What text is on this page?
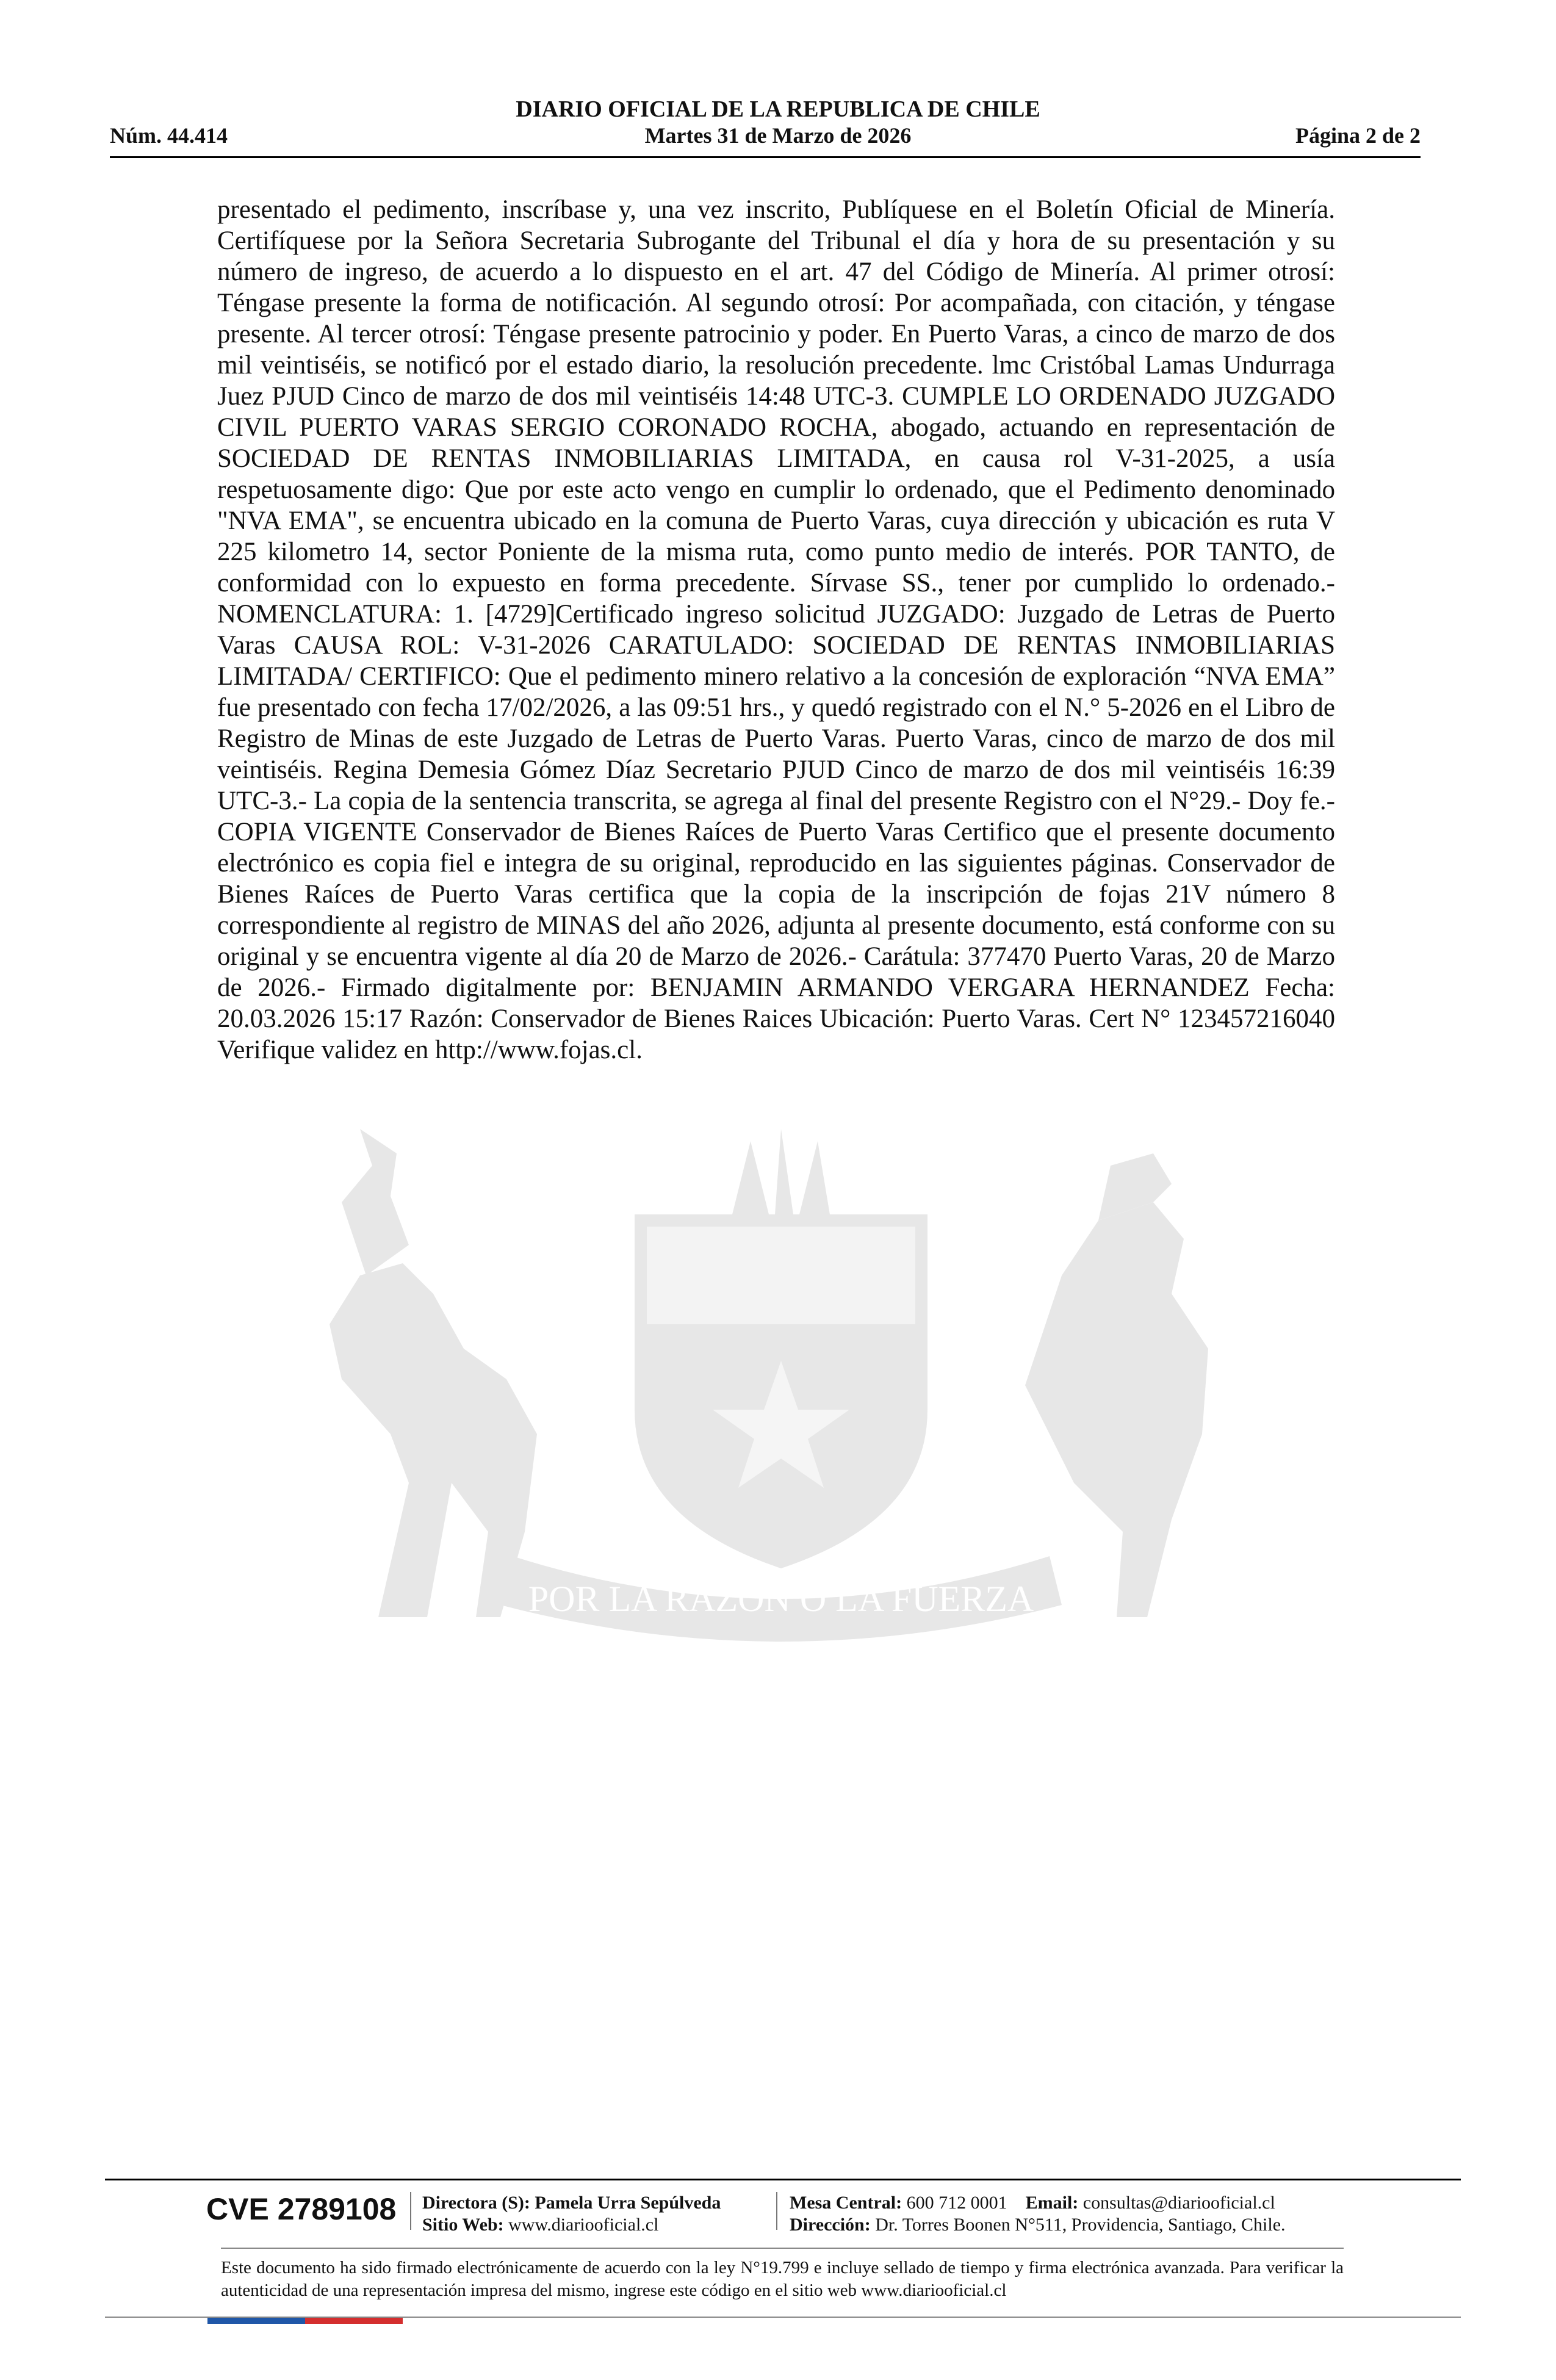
DIARIO OFICIAL DE LA REPUBLICA DE CHILE
Núm. 44.414	Martes 31 de Marzo de 2026	Página 2 de 2
POR LA RAZON O LA FUERZA

presentado el pedimento, inscríbase y, una vez inscrito, Publíquese en el Boletín Oficial de Minería. Certifíquese por la Señora Secretaria Subrogante del Tribunal el día y hora de su presentación y su número de ingreso, de acuerdo a lo dispuesto en el art. 47 del Código de Minería. Al primer otrosí: Téngase presente la forma de notificación. Al segundo otrosí: Por acompañada, con citación, y téngase presente. Al tercer otrosí: Téngase presente patrocinio y poder. En Puerto Varas, a cinco de marzo de dos mil veintiséis, se notificó por el estado diario, la resolución precedente. lmc Cristóbal Lamas Undurraga Juez PJUD Cinco de marzo de dos mil veintiséis 14:48 UTC-3. CUMPLE LO ORDENADO JUZGADO CIVIL PUERTO VARAS SERGIO CORONADO ROCHA, abogado, actuando en representación de SOCIEDAD DE RENTAS INMOBILIARIAS LIMITADA, en causa rol V-31-2025, a usía respetuosamente digo: Que por este acto vengo en cumplir lo ordenado, que el Pedimento denominado "NVA EMA", se encuentra ubicado en la comuna de Puerto Varas, cuya dirección y ubicación es ruta V 225 kilometro 14, sector Poniente de la misma ruta, como punto medio de interés. POR TANTO, de conformidad con lo expuesto en forma precedente. Sírvase SS., tener por cumplido lo ordenado.- NOMENCLATURA: 1. [4729]Certificado ingreso solicitud JUZGADO: Juzgado de Letras de Puerto Varas CAUSA ROL: V-31-2026 CARATULADO: SOCIEDAD DE RENTAS INMOBILIARIAS LIMITADA/ CERTIFICO: Que el pedimento minero relativo a la concesión de exploración “NVA EMA” fue presentado con fecha 17/02/2026, a las 09:51 hrs., y quedó registrado con el N.° 5-2026 en el Libro de Registro de Minas de este Juzgado de Letras de Puerto Varas. Puerto Varas, cinco de marzo de dos mil veintiséis. Regina Demesia Gómez Díaz Secretario PJUD Cinco de marzo de dos mil veintiséis 16:39 UTC-3.- La copia de la sentencia transcrita, se agrega al final del presente Registro con el N°29.- Doy fe.- COPIA VIGENTE Conservador de Bienes Raíces de Puerto Varas Certifico que el presente documento electrónico es copia fiel e integra de su original, reproducido en las siguientes páginas. Conservador de Bienes Raíces de Puerto Varas certifica que la copia de la inscripción de fojas 21V número 8 correspondiente al registro de MINAS del año 2026, adjunta al presente documento, está conforme con su original y se encuentra vigente al día 20 de Marzo de 2026.- Carátula: 377470 Puerto Varas, 20 de Marzo de 2026.- Firmado digitalmente por: BENJAMIN ARMANDO VERGARA HERNANDEZ Fecha: 20.03.2026 15:17 Razón: Conservador de Bienes Raices Ubicación: Puerto Varas. Cert N° 123457216040 Verifique validez en http://www.fojas.cl.

CVE 2789108 Directora (S): Pamela Urra Sepúlveda
Sitio Web: www.diariooficial.cl
Mesa Central: 600 712 0001 Email: consultas@diariooficial.cl
Dirección: Dr. Torres Boonen N°511, Providencia, Santiago, Chile.

Este documento ha sido firmado electrónicamente de acuerdo con la ley N°19.799 e incluye sellado de tiempo y firma electrónica avanzada. Para verificar la autenticidad de una representación impresa del mismo, ingrese este código en el sitio web www.diariooficial.cl
